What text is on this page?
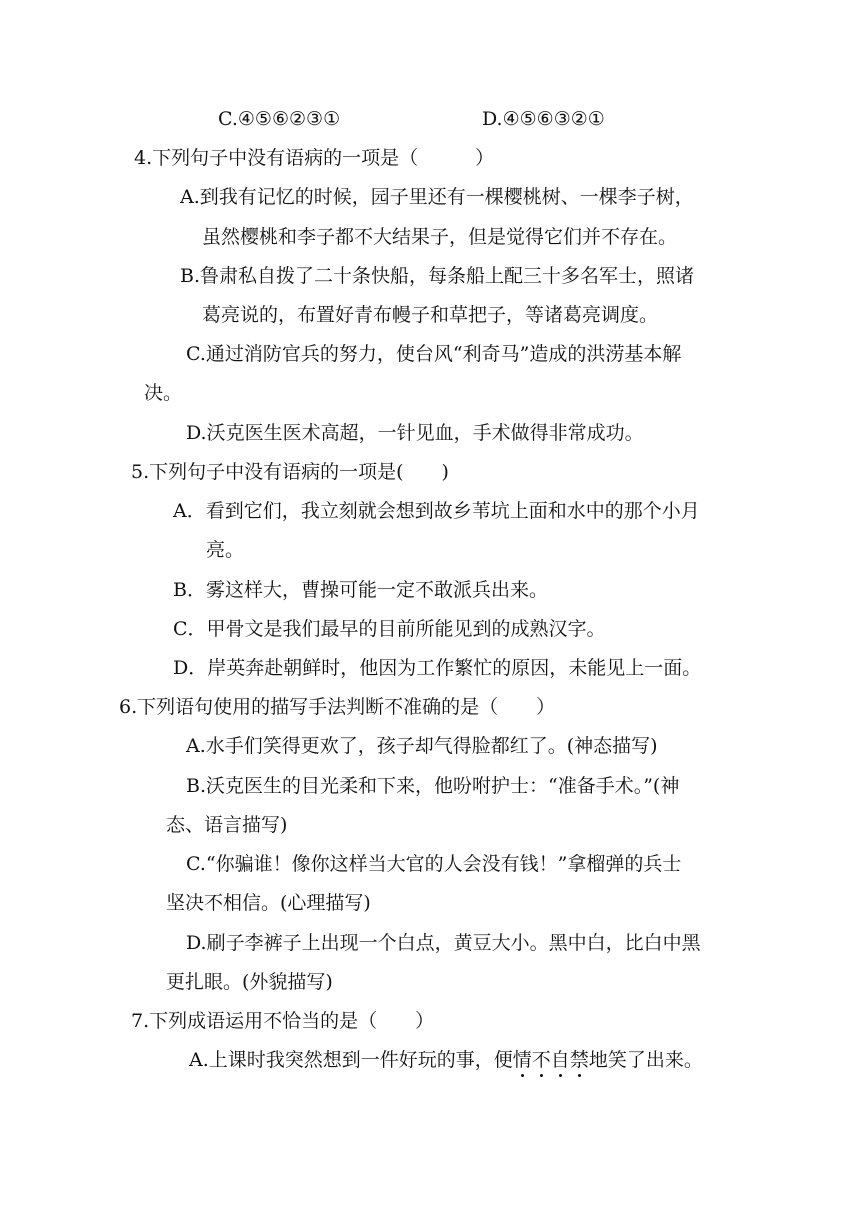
C.④⑤⑥②③①	D.④⑤⑥③②①
4.下列句子中没有语病的一项是（　　　）
A.到我有记忆的时候，园子里还有一棵樱桃树、一棵李子树，
虽然樱桃和李子都不大结果子，但是觉得它们并不存在。
B.鲁肃私自拨了二十条快船，每条船上配三十多名军士，照诸
葛亮说的，布置好青布幔子和草把子，等诸葛亮调度。
C.通过消防官兵的努力，使台风“利奇马”造成的洪涝基本解
决。
D.沃克医生医术高超，一针见血，手术做得非常成功。
5.下列句子中没有语病的一项是(　　)
A．看到它们，我立刻就会想到故乡苇坑上面和水中的那个小月
亮。
B．雾这样大，曹操可能一定不敢派兵出来。
C．甲骨文是我们最早的目前所能见到的成熟汉字。
D．岸英奔赴朝鲜时，他因为工作繁忙的原因，未能见上一面。
6.下列语句使用的描写手法判断不准确的是（　　）
A.水手们笑得更欢了，孩子却气得脸都红了。(神态描写)
B.沃克医生的目光柔和下来，他吩咐护士：“准备手术。”(神
态、语言描写)
C.“你骗谁！像你这样当大官的人会没有钱！”拿榴弹的兵士
坚决不相信。(心理描写)
D.刷子李裤子上出现一个白点，黄豆大小。黑中白，比白中黑
更扎眼。(外貌描写)
7.下列成语运用不恰当的是（　　）
A.上课时我突然想到一件好玩的事，便情不自禁地笑了出来。
